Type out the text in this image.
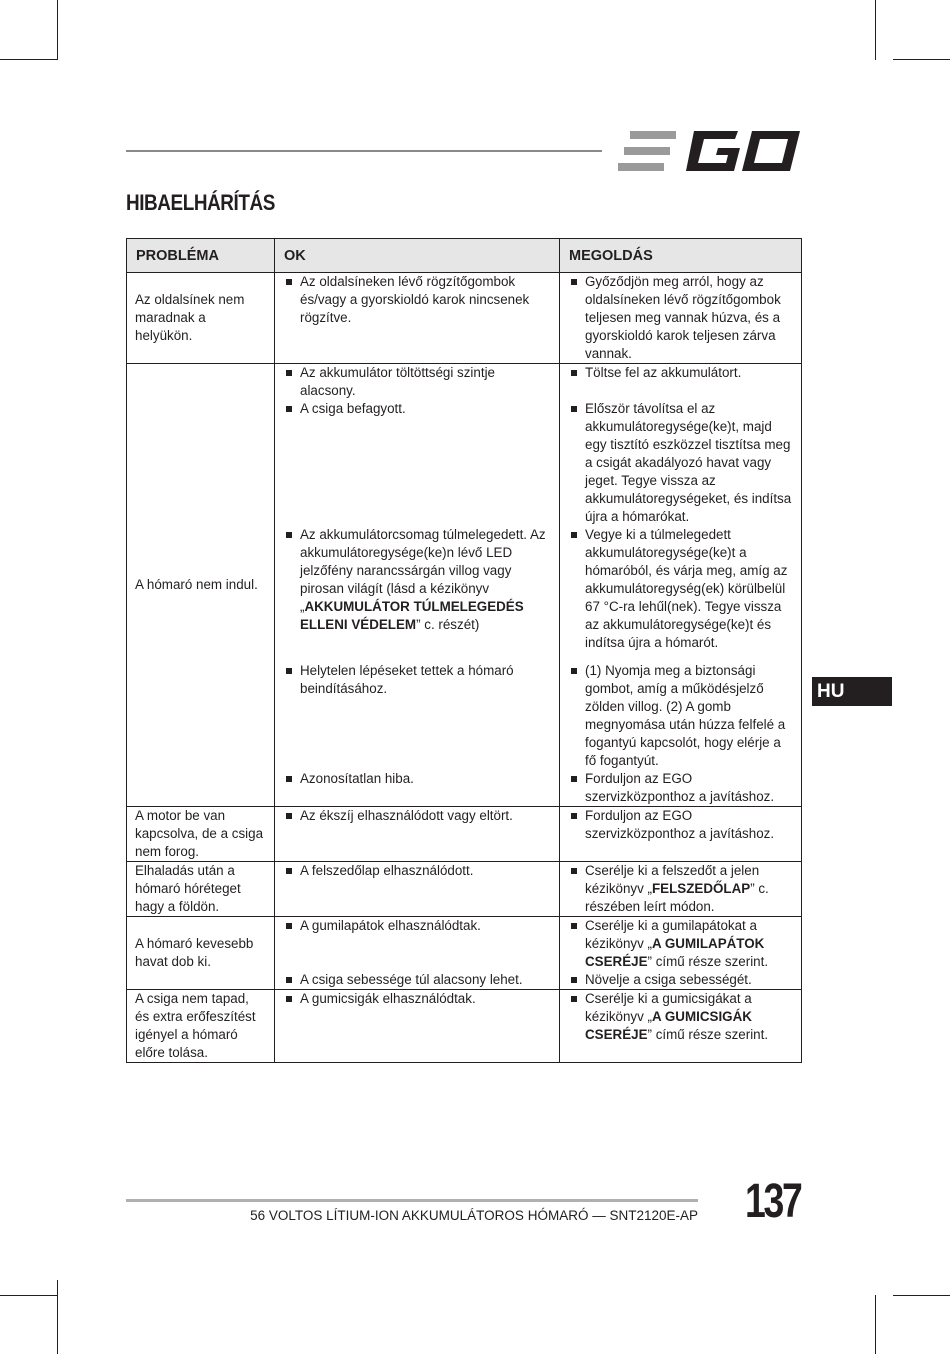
HIBAELHÁRÍTÁS
PROBLÉMA	OK	MEGOLDÁS
Az oldalsínek nem maradnak a helyükön.	Az oldalsíneken lévő rögzítőgombok és/vagy a gyorskioldó karok nincsenek rögzítve.	Győződjön meg arról, hogy az oldalsíneken lévő rögzítőgombok teljesen meg vannak húzva, és a gyorskioldó karok teljesen zárva vannak.

A hómaró nem indul.	Az akkumulátor töltöttségi szintje alacsony.	Töltse fel az akkumulátort.

	A csiga befagyott.	Először távolítsa el az akkumulátoregysége(ke)t, majd egy tisztító eszközzel tisztítsa meg a csigát akadályozó havat vagy jeget. Tegye vissza az akkumulátoregységeket, és indítsa újra a hómarókat.

	Az akkumulátorcsomag túlmelegedett. Az akkumulátoregysége(ke)n lévő LED jelzőfény narancssárgán villog vagy pirosan világít (lásd a kézikönyv „AKKUMULÁTOR TÚLMELEGEDÉS ELLENI VÉDELEM” c. részét)	Vegye ki a túlmelegedett akkumulátoregysége(ke)t a hómaróból, és várja meg, amíg az akkumulátoregység(ek) körülbelül 67 °C-ra lehűl(nek). Tegye vissza az akkumulátoregysége(ke)t és indítsa újra a hómarót.

	Helytelen lépéseket tettek a hómaró beindításához.	(1) Nyomja meg a biztonsági gombot, amíg a működésjelző zölden villog. (2) A gomb megnyomása után húzza felfelé a fogantyú kapcsolót, hogy elérje a fő fogantyút.

	Azonosítatlan hiba.	Forduljon az EGO szervizközponthoz a javításhoz.

A motor be van kapcsolva, de a csiga nem forog.	Az ékszíj elhasználódott vagy eltört.	Forduljon az EGO szervizközponthoz a javításhoz.

Elhaladás után a hómaró hóréteget hagy a földön.	A felszedőlap elhasználódott.	Cserélje ki a felszedőt a jelen kézikönyv „FELSZEDŐLAP” c. részében leírt módon.

A hómaró kevesebb havat dob ki.	A gumilapátok elhasználódtak.	Cserélje ki a gumilapátokat a kézikönyv „A GUMILAPÁTOK CSERÉJE” című része szerint.

	A csiga sebessége túl alacsony lehet.	Növelje a csiga sebességét.

A csiga nem tapad, és extra erőfeszítést igényel a hómaró előre tolása.	A gumicsigák elhasználódtak.	Cserélje ki a gumicsigákat a kézikönyv „A GUMICSIGÁK CSERÉJE” című része szerint.
HU
56 VOLTOS LÍTIUM-ION AKKUMULÁTOROS HÓMARÓ — SNT2120E-AP 137
